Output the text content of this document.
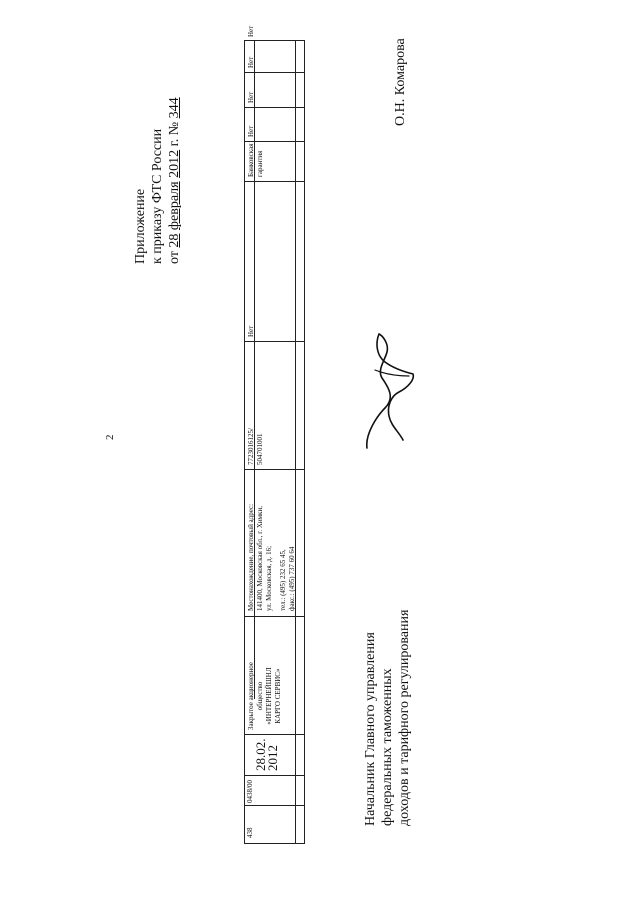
2
Приложение к приказу ФТС России от 28 февраля 2012 г. № 344
438
0438/00
28.02.
2012
Закрытое акционерное общество «ИНТЕРНЕЙШНЛ КАРГО СЕРВИС»
Местонахождение, почтовый адрес: 141400, Московская обл., г. Химки, ул. Московская, д. 16; тел.: (495) 232 65 45, факс.: (495) 737 60 64
7723016125/ 504701001
Нет
Банковская гарантия
Нет
Нет
Нет
Нет
Начальник Главного управления федеральных таможенных доходов и тарифного регулирования
О.Н. Комарова
